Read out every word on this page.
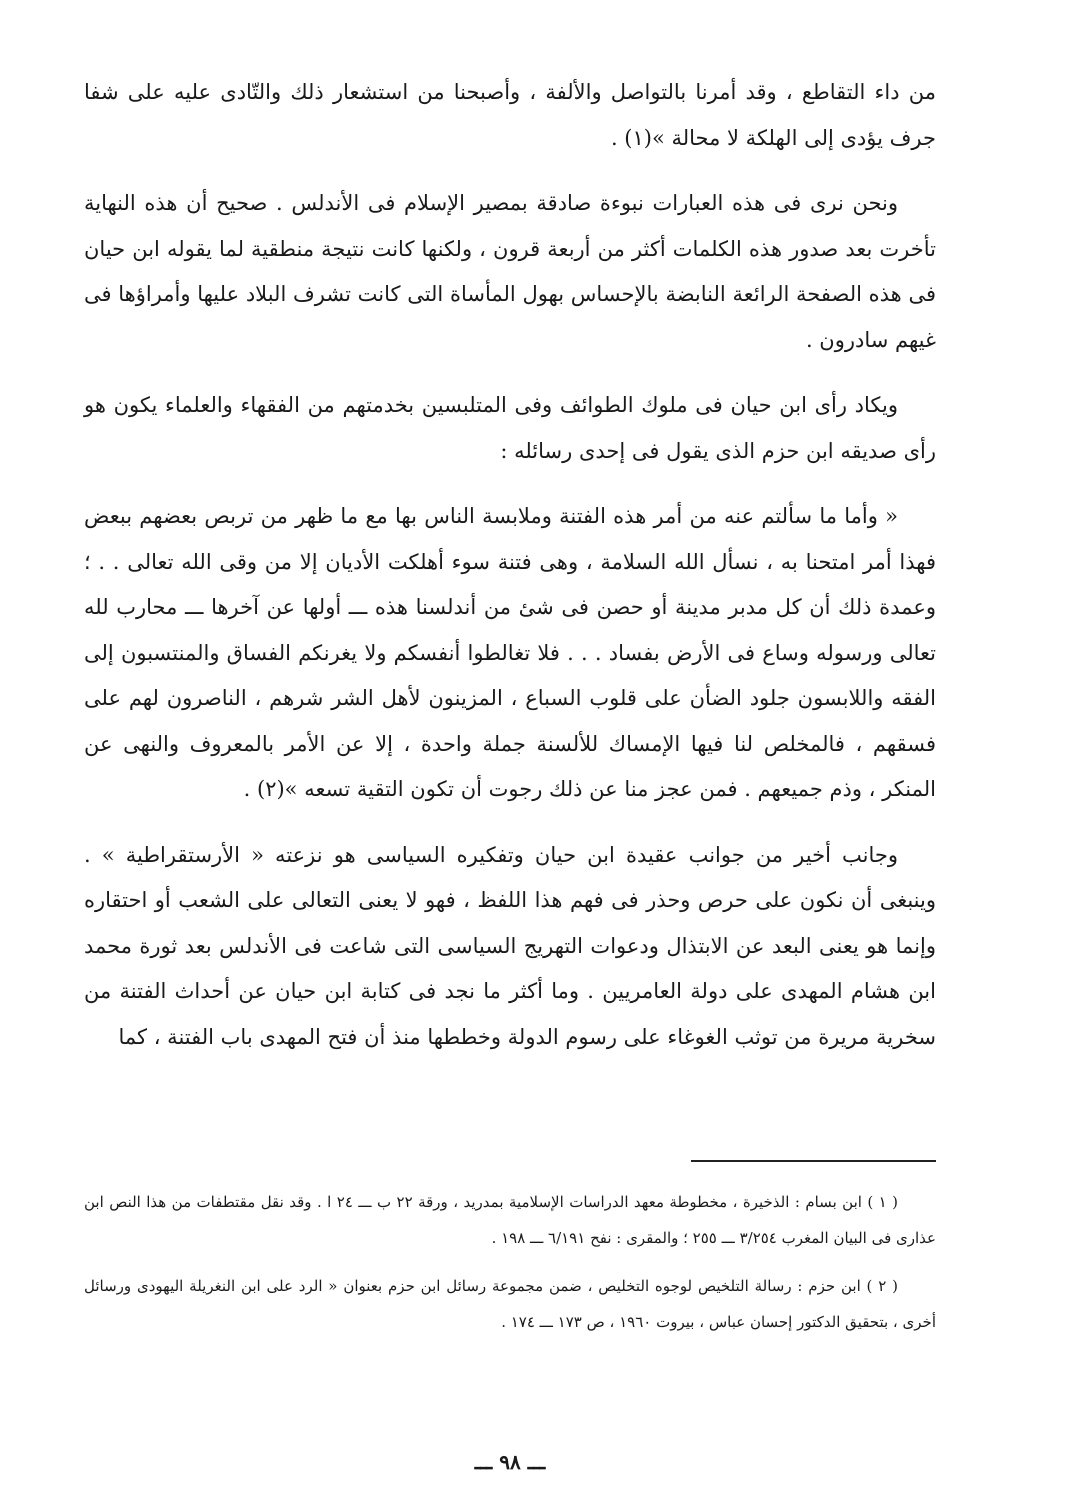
من داء التقاطع ، وقد أمرنا بالتواصل والألفة ، وأصبحنا من استشعار ذلك والتّادى عليه على شفا جرف يؤدى إلى الهلكة لا محالة »(١) .

ونحن نرى فى هذه العبارات نبوءة صادقة بمصير الإسلام فى الأندلس . صحيح أن هذه النهاية تأخرت بعد صدور هذه الكلمات أكثر من أربعة قرون ، ولكنها كانت نتيجة منطقية لما يقوله ابن حيان فى هذه الصفحة الرائعة النابضة بالإحساس بهول المأساة التى كانت تشرف البلاد عليها وأمراؤها فى غيهم سادرون .

ويكاد رأى ابن حيان فى ملوك الطوائف وفى المتلبسين بخدمتهم من الفقهاء والعلماء يكون هو رأى صديقه ابن حزم الذى يقول فى إحدى رسائله :

« وأما ما سألتم عنه من أمر هذه الفتنة وملابسة الناس بها مع ما ظهر من تربص بعضهم ببعض فهذا أمر امتحنا به ، نسأل الله السلامة ، وهى فتنة سوء أهلكت الأديان إلا من وقى الله تعالى . . ؛ وعمدة ذلك أن كل مدبر مدينة أو حصن فى شئ من أندلسنا هذه ـــ أولها عن آخرها ـــ محارب لله تعالى ورسوله وساع فى الأرض بفساد . . . فلا تغالطوا أنفسكم ولا يغرنكم الفساق والمنتسبون إلى الفقه واللابسون جلود الضأن على قلوب السباع ، المزينون لأهل الشر شرهم ، الناصرون لهم على فسقهم ، فالمخلص لنا فيها الإمساك للألسنة جملة واحدة ، إلا عن الأمر بالمعروف والنهى عن المنكر ، وذم جميعهم . فمن عجز منا عن ذلك رجوت أن تكون التقية تسعه »(٢) .

وجانب أخير من جوانب عقيدة ابن حيان وتفكيره السياسى هو نزعته « الأرستقراطية » . وينبغى أن نكون على حرص وحذر فى فهم هذا اللفظ ، فهو لا يعنى التعالى على الشعب أو احتقاره وإنما هو يعنى البعد عن الابتذال ودعوات التهريج السياسى التى شاعت فى الأندلس بعد ثورة محمد ابن هشام المهدى على دولة العامريين . وما أكثر ما نجد فى كتابة ابن حيان عن أحداث الفتنة من سخرية مريرة من توثب الغوغاء على رسوم الدولة وخططها منذ أن فتح المهدى باب الفتنة ، كما

( ١ ) ابن بسام : الذخيرة ، مخطوطة معهد الدراسات الإسلامية بمدريد ، ورقة ٢٢ ب ـــ ٢٤ ا . وقد نقل مقتطفات من هذا النص ابن عذارى فى البيان المغرب ٣/٢٥٤ ـــ ٢٥٥ ؛ والمقرى : نفح ٦/١٩١ ـــ ١٩٨ .

( ٢ ) ابن حزم : رسالة التلخيص لوجوه التخليص ، ضمن مجموعة رسائل ابن حزم بعنوان « الرد على ابن النغريلة اليهودى ورسائل أخرى ، بتحقيق الدكتور إحسان عباس ، بيروت ١٩٦٠ ، ص ١٧٣ ـــ ١٧٤ .

ـــ ٩٨ ـــ
